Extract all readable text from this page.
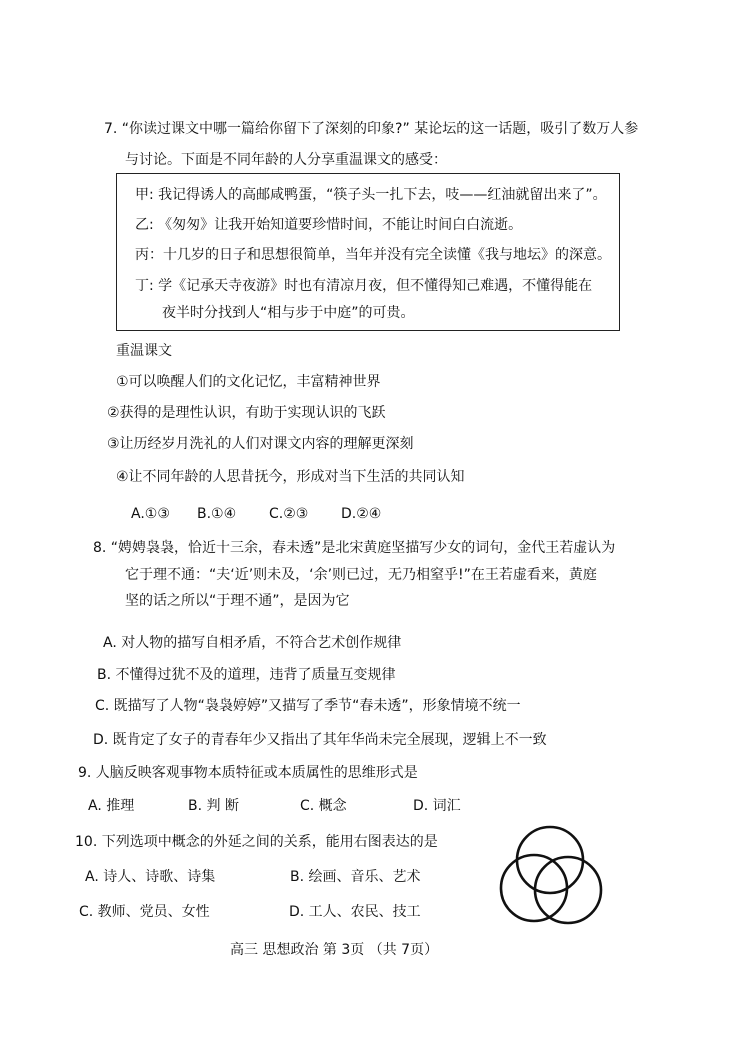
7. “你读过课文中哪一篇给你留下了深刻的印象?” 某论坛的这一话题，吸引了数万人参
与讨论。下面是不同年龄的人分享重温课文的感受：
甲: 我记得诱人的高邮咸鸭蛋，“筷子头一扎下去，吱——红油就留出来了”。
乙: 《匆匆》让我开始知道要珍惜时间，不能让时间白白流逝。
丙：十几岁的日子和思想很简单，当年并没有完全读懂《我与地坛》的深意。
丁: 学《记承天寺夜游》时也有清凉月夜，但不懂得知己难遇，不懂得能在
夜半时分找到人“相与步于中庭”的可贵。
重温课文
①可以唤醒人们的文化记忆，丰富精神世界
②获得的是理性认识，有助于实现认识的飞跃
③让历经岁月洗礼的人们对课文内容的理解更深刻
④让不同年龄的人思昔抚今，形成对当下生活的共同认知
A.①③ B.①④ C.②③ D.②④
8. “娉娉袅袅，恰近十三余，春未透”是北宋黄庭坚描写少女的词句，金代王若虚认为
它于理不通：“夫‘近’则未及，‘余’则已过，无乃相窒乎!”在王若虚看来，黄庭
坚的话之所以“于理不通”，是因为它
A. 对人物的描写自相矛盾，不符合艺术创作规律
B. 不懂得过犹不及的道理，违背了质量互变规律
C. 既描写了人物“袅袅婷婷”又描写了季节“春未透”，形象情境不统一
D. 既肯定了女子的青春年少又指出了其年华尚未完全展现，逻辑上不一致
9. 人脑反映客观事物本质特征或本质属性的思维形式是
A. 推理	B. 判 断	C. 概念	D. 词汇
10. 下列选项中概念的外延之间的关系，能用右图表达的是
A. 诗人、诗歌、诗集	B. 绘画、音乐、艺术
C. 教师、党员、女性	D. 工人、农民、技工
高三 思想政治 第 3页 （共 7页）
